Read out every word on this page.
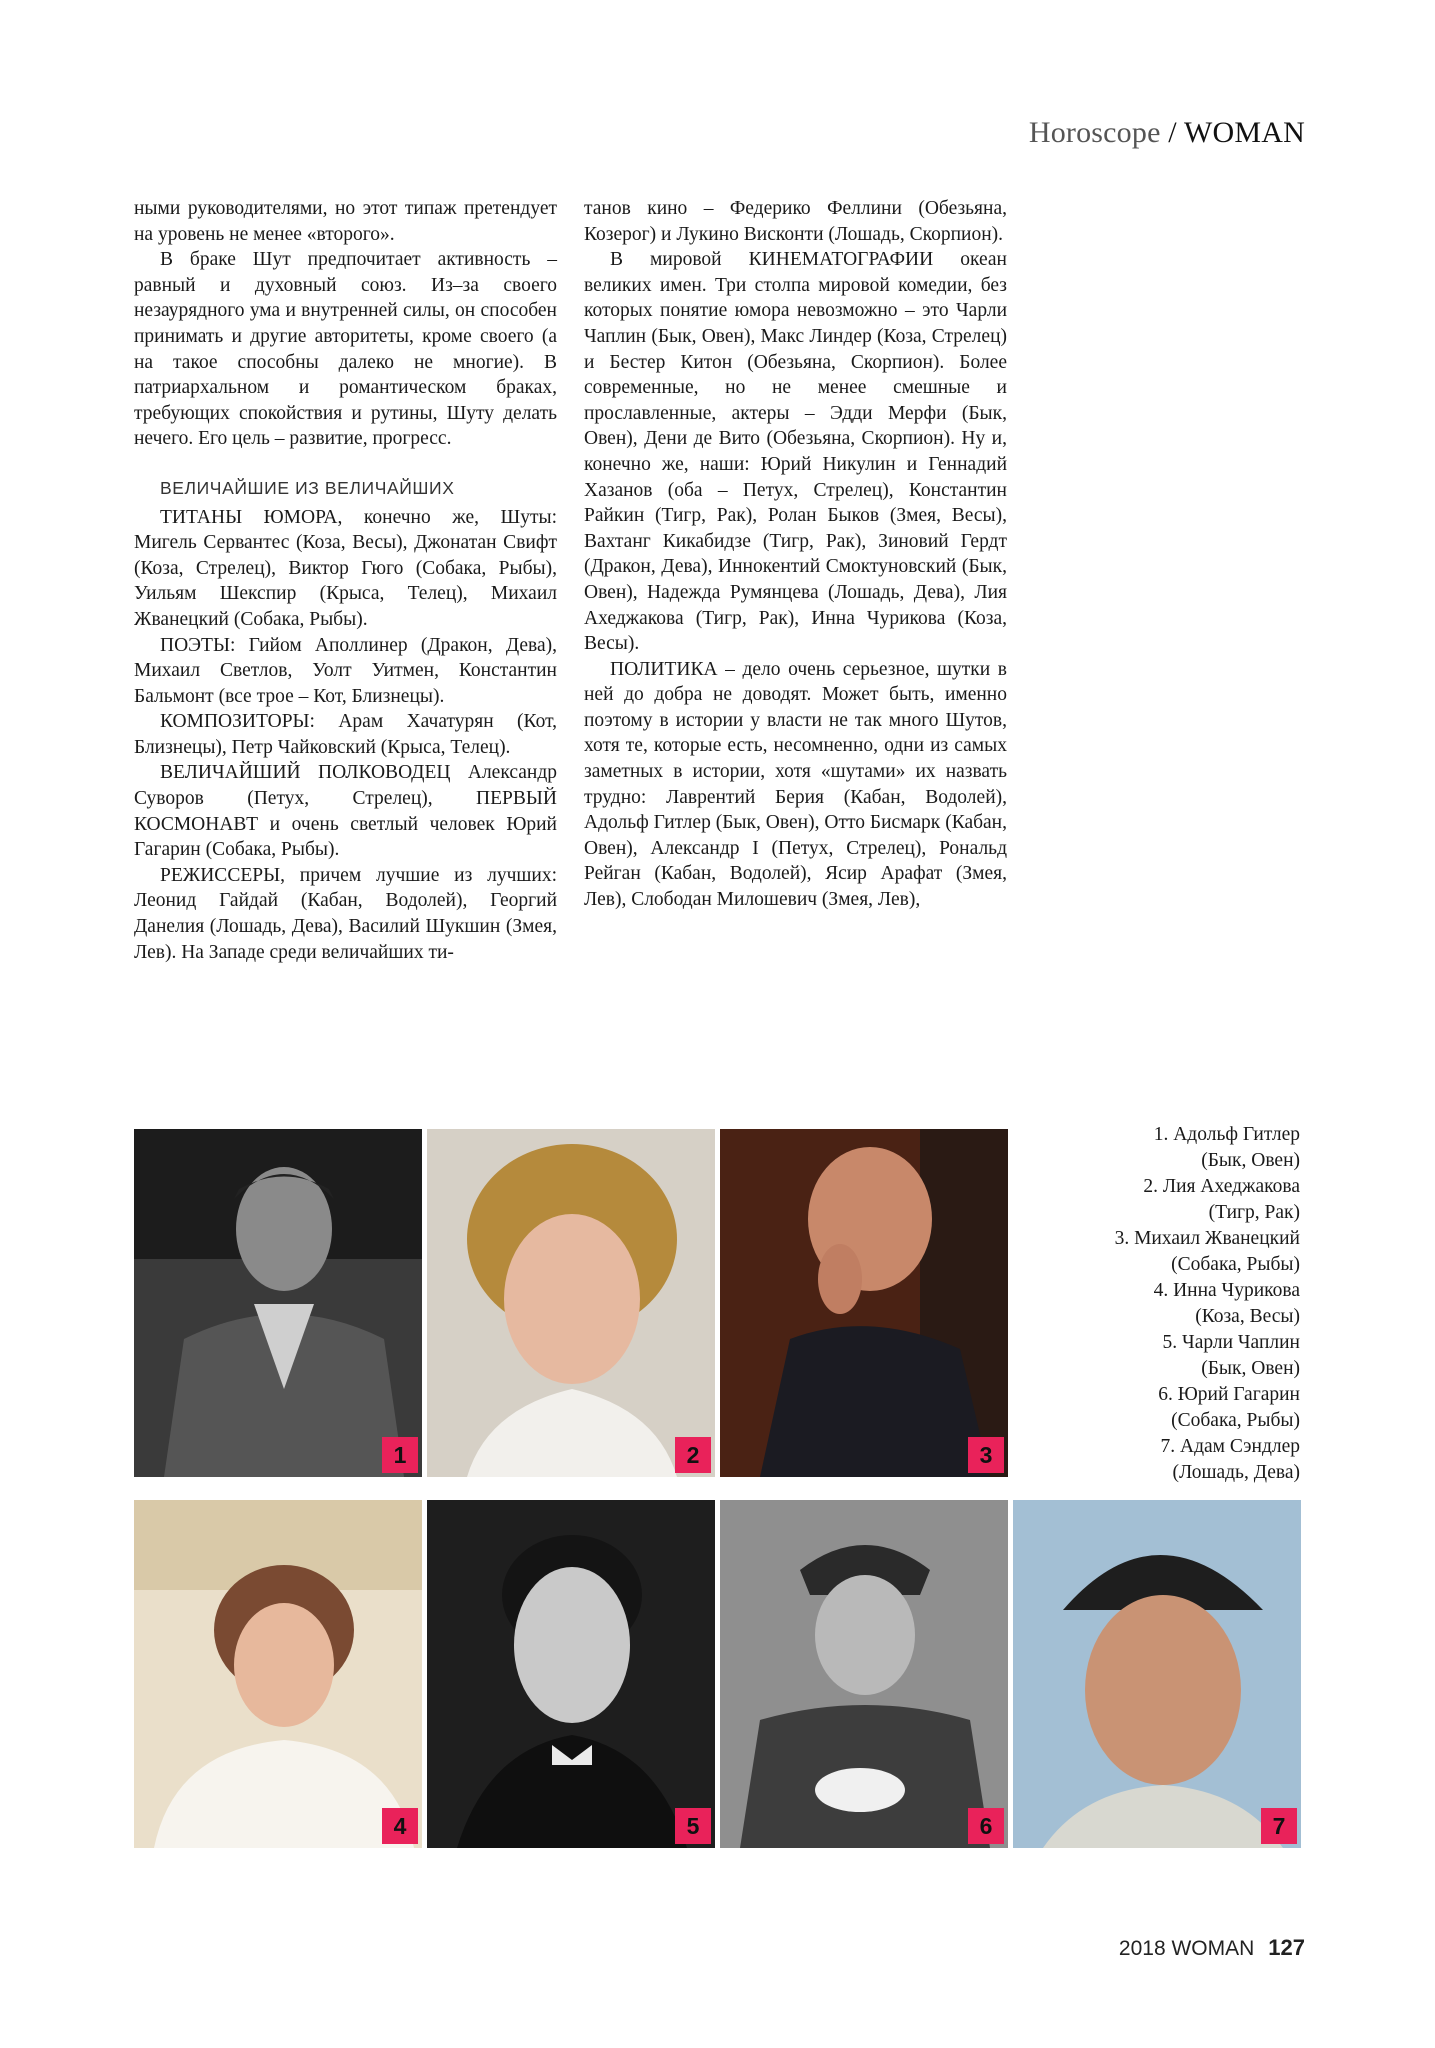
Horoscope / WOMAN

ными руководителями, но этот типаж претендует на уровень не менее «второго».

В браке Шут предпочитает активность – равный и духовный союз. Из–за своего незаурядного ума и внутренней силы, он способен принимать и другие авторитеты, кроме своего (а на такое способны далеко не многие). В патриархальном и романтическом браках, требующих спокойствия и рутины, Шуту делать нечего. Его цель – развитие, прогресс.

ВЕЛИЧАЙШИЕ ИЗ ВЕЛИЧАЙШИХ

ТИТАНЫ ЮМОРА, конечно же, Шуты: Мигель Сервантес (Коза, Весы), Джонатан Свифт (Коза, Стрелец), Виктор Гюго (Собака, Рыбы), Уильям Шекспир (Крыса, Телец), Михаил Жванецкий (Собака, Рыбы).

ПОЭТЫ: Гийом Аполлинер (Дракон, Дева), Михаил Светлов, Уолт Уитмен, Константин Бальмонт (все трое – Кот, Близнецы).

КОМПОЗИТОРЫ: Арам Хачатурян (Кот, Близнецы), Петр Чайковский (Крыса, Телец).

ВЕЛИЧАЙШИЙ ПОЛКОВОДЕЦ Александр Суворов (Петух, Стрелец), ПЕРВЫЙ КОСМОНАВТ и очень светлый человек Юрий Гагарин (Собака, Рыбы).

РЕЖИССЕРЫ, причем лучшие из лучших: Леонид Гайдай (Кабан, Водолей), Георгий Данелия (Лошадь, Дева), Василий Шукшин (Змея, Лев). На Западе среди величайших ти-

танов кино – Федерико Феллини (Обезьяна, Козерог) и Лукино Висконти (Лошадь, Скорпион).

В мировой КИНЕМАТОГРАФИИ океан великих имен. Три столпа мировой комедии, без которых понятие юмора невозможно – это Чарли Чаплин (Бык, Овен), Макс Линдер (Коза, Стрелец) и Бестер Китон (Обезьяна, Скорпион). Более современные, но не менее смешные и прославленные, актеры – Эдди Мерфи (Бык, Овен), Дени де Вито (Обезьяна, Скорпион). Ну и, конечно же, наши: Юрий Никулин и Геннадий Хазанов (оба – Петух, Стрелец), Константин Райкин (Тигр, Рак), Ролан Быков (Змея, Весы), Вахтанг Кикабидзе (Тигр, Рак), Зиновий Гердт (Дракон, Дева), Иннокентий Смоктуновский (Бык, Овен), Надежда Румянцева (Лошадь, Дева), Лия Ахеджакова (Тигр, Рак), Инна Чурикова (Коза, Весы).

ПОЛИТИКА – дело очень серьезное, шутки в ней до добра не доводят. Может быть, именно поэтому в истории у власти не так много Шутов, хотя те, которые есть, несомненно, одни из самых заметных в истории, хотя «шутами» их назвать трудно: Лаврентий Берия (Кабан, Водолей), Адольф Гитлер (Бык, Овен), Отто Бисмарк (Кабан, Овен), Александр I (Петух, Стрелец), Рональд Рейган (Кабан, Водолей), Ясир Арафат (Змея, Лев), Слободан Милошевич (Змея, Лев),

1	2	3
4	5	6	7
1. Адольф Гитлер
(Бык, Овен)
2. Лия Ахеджакова
(Тигр, Рак)
3. Михаил Жванецкий
(Собака, Рыбы)
4. Инна Чурикова
(Коза, Весы)
5. Чарли Чаплин
(Бык, Овен)
6. Юрий Гагарин
(Собака, Рыбы)
7. Адам Сэндлер
(Лошадь, Дева)
2018 WOMAN 127
